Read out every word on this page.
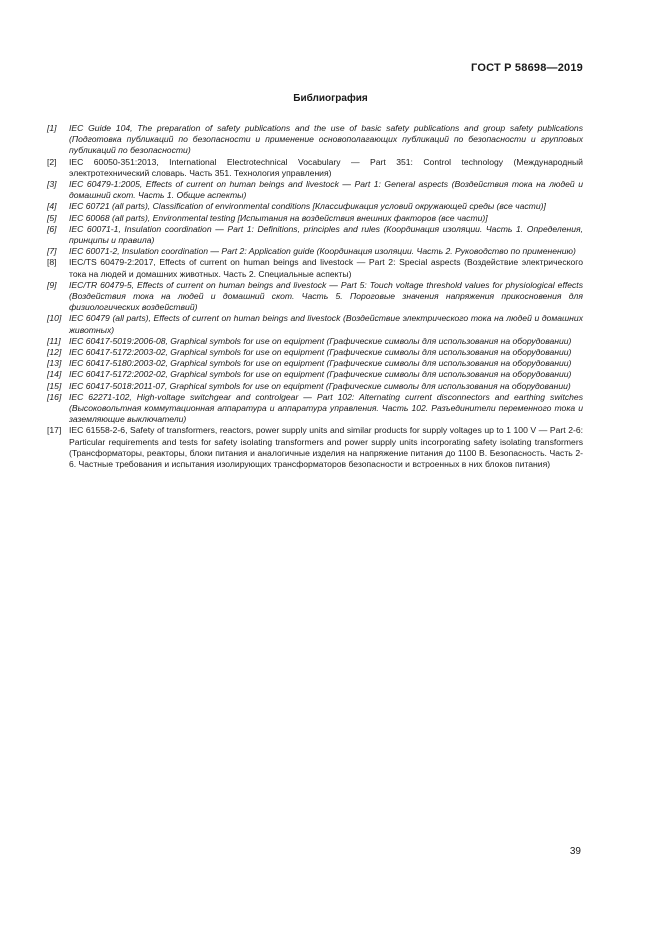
ГОСТ Р 58698—2019
Библиография
[1]	IEC Guide 104, The preparation of safety publications and the use of basic safety publications and group safety publications (Подготовка публикаций по безопасности и применение основополагающих публикаций по безопасности и групповых публикаций по безопасности)
[2]	IEC 60050-351:2013, International Electrotechnical Vocabulary — Part 351: Control technology (Международный электротехнический словарь. Часть 351. Технология управления)
[3]	IEC 60479-1:2005, Effects of current on human beings and livestock — Part 1: General aspects (Воздействия тока на людей и домашний скот. Часть 1. Общие аспекты)
[4]	IEC 60721 (all parts), Classification of environmental conditions [Классификация условий окружающей среды (все части)]
[5]	IEC 60068 (all parts), Environmental testing [Испытания на воздействия внешних факторов (все части)]
[6]	IEC 60071-1, Insulation coordination — Part 1: Definitions, principles and rules (Координация изоляции. Часть 1. Определения, принципы и правила)
[7]	IEC 60071-2, Insulation coordination — Part 2: Application guide (Координация изоляции. Часть 2. Руководство по применению)
[8]	IEC/TS 60479-2:2017, Effects of current on human beings and livestock — Part 2: Special aspects (Воздействие электрического тока на людей и домашних животных. Часть 2. Специальные аспекты)
[9]	IEC/TR 60479-5, Effects of current on human beings and livestock — Part 5: Touch voltage threshold values for physiological effects (Воздействия тока на людей и домашний скот. Часть 5. Пороговые значения напряжения прикосновения для физиологических воздействий)
[10] IEC 60479 (all parts), Effects of current on human beings and livestock (Воздействие электрического тока на людей и домашних животных)
[11] IEC 60417-5019:2006-08, Graphical symbols for use on equipment (Графические символы для использования на оборудовании)
[12] IEC 60417-5172:2003-02, Graphical symbols for use on equipment (Графические символы для использования на оборудовании)
[13] IEC 60417-5180:2003-02, Graphical symbols for use on equipment (Графические символы для использования на оборудовании)
[14] IEC 60417-5172:2002-02, Graphical symbols for use on equipment (Графические символы для использования на оборудовании)
[15] IEC 60417-5018:2011-07, Graphical symbols for use on equipment (Графические символы для использования на оборудовании)
[16] IEC 62271-102, High-voltage switchgear and controlgear — Part 102: Alternating current disconnectors and earthing switches (Высоковольтная коммутационная аппаратура и аппаратура управления. Часть 102. Разъединители переменного тока и заземляющие выключатели)
[17] IEC 61558-2-6, Safety of transformers, reactors, power supply units and similar products for supply voltages up to 1 100 V — Part 2-6: Particular requirements and tests for safety isolating transformers and power supply units incorporating safety isolating transformers (Трансформаторы, реакторы, блоки питания и аналогичные изделия на напряжение питания до 1100 В. Безопасность. Часть 2-6. Частные требования и испытания изолирующих трансформаторов безопасности и встроенных в них блоков питания)
39
